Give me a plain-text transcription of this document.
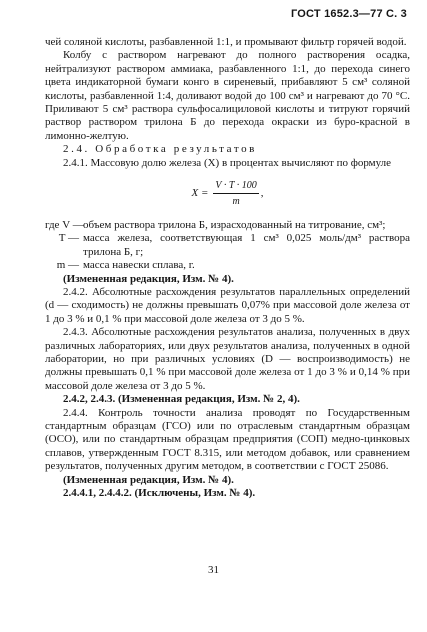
ГОСТ 1652.3—77 С. 3

чей соляной кислоты, разбавленной 1:1, и промывают фильтр горячей водой.

Колбу с раствором нагревают до полного растворения осадка, нейтрализуют раствором аммиака, разбавленного 1:1, до перехода синего цвета индикаторной бумаги конго в сиреневый, прибавляют 5 см³ соляной кислоты, разбавленной 1:4, доливают водой до 100 см³ и нагревают до 70 °С. Приливают 5 см³ раствора сульфосалициловой кислоты и титруют горячий раствор раствором трилона Б до перехода окраски из буро-красной в лимонно-желтую.

2.4. Обработка результатов

2.4.1. Массовую долю железа (X) в процентах вычисляют по формуле

$X = \frac{V \cdot T \cdot 100}{m}$ ,
где V — объем раствора трилона Б, израсходованный на титрование, см³;
T — масса железа, соответствующая 1 см³ 0,025 моль/дм³ раствора трилона Б, г;
m — масса навески сплава, г.

(Измененная редакция, Изм. № 4).

2.4.2. Абсолютные расхождения результатов параллельных определений (d — сходимость) не должны превышать 0,07% при массовой доле железа от 1 до 3 % и 0,1 % при массовой доле железа от 3 до 5 %.

2.4.3. Абсолютные расхождения результатов анализа, полученных в двух различных лабораториях, или двух результатов анализа, полученных в одной лаборатории, но при различных условиях (D — воспроизводимость) не должны превышать 0,1 % при массовой доле железа от 1 до 3 % и 0,14 % при массовой доле железа от 3 до 5 %.

2.4.2, 2.4.3. (Измененная редакция, Изм. № 2, 4).

2.4.4. Контроль точности анализа проводят по Государственным стандартным образцам (ГСО) или по отраслевым стандартным образцам (ОСО), или по стандартным образцам предприятия (СОП) медно-цинковых сплавов, утвержденным ГОСТ 8.315, или методом добавок, или сравнением результатов, полученных другим методом, в соответствии с ГОСТ 25086.

(Измененная редакция, Изм. № 4).

2.4.4.1, 2.4.4.2. (Исключены, Изм. № 4).

31
